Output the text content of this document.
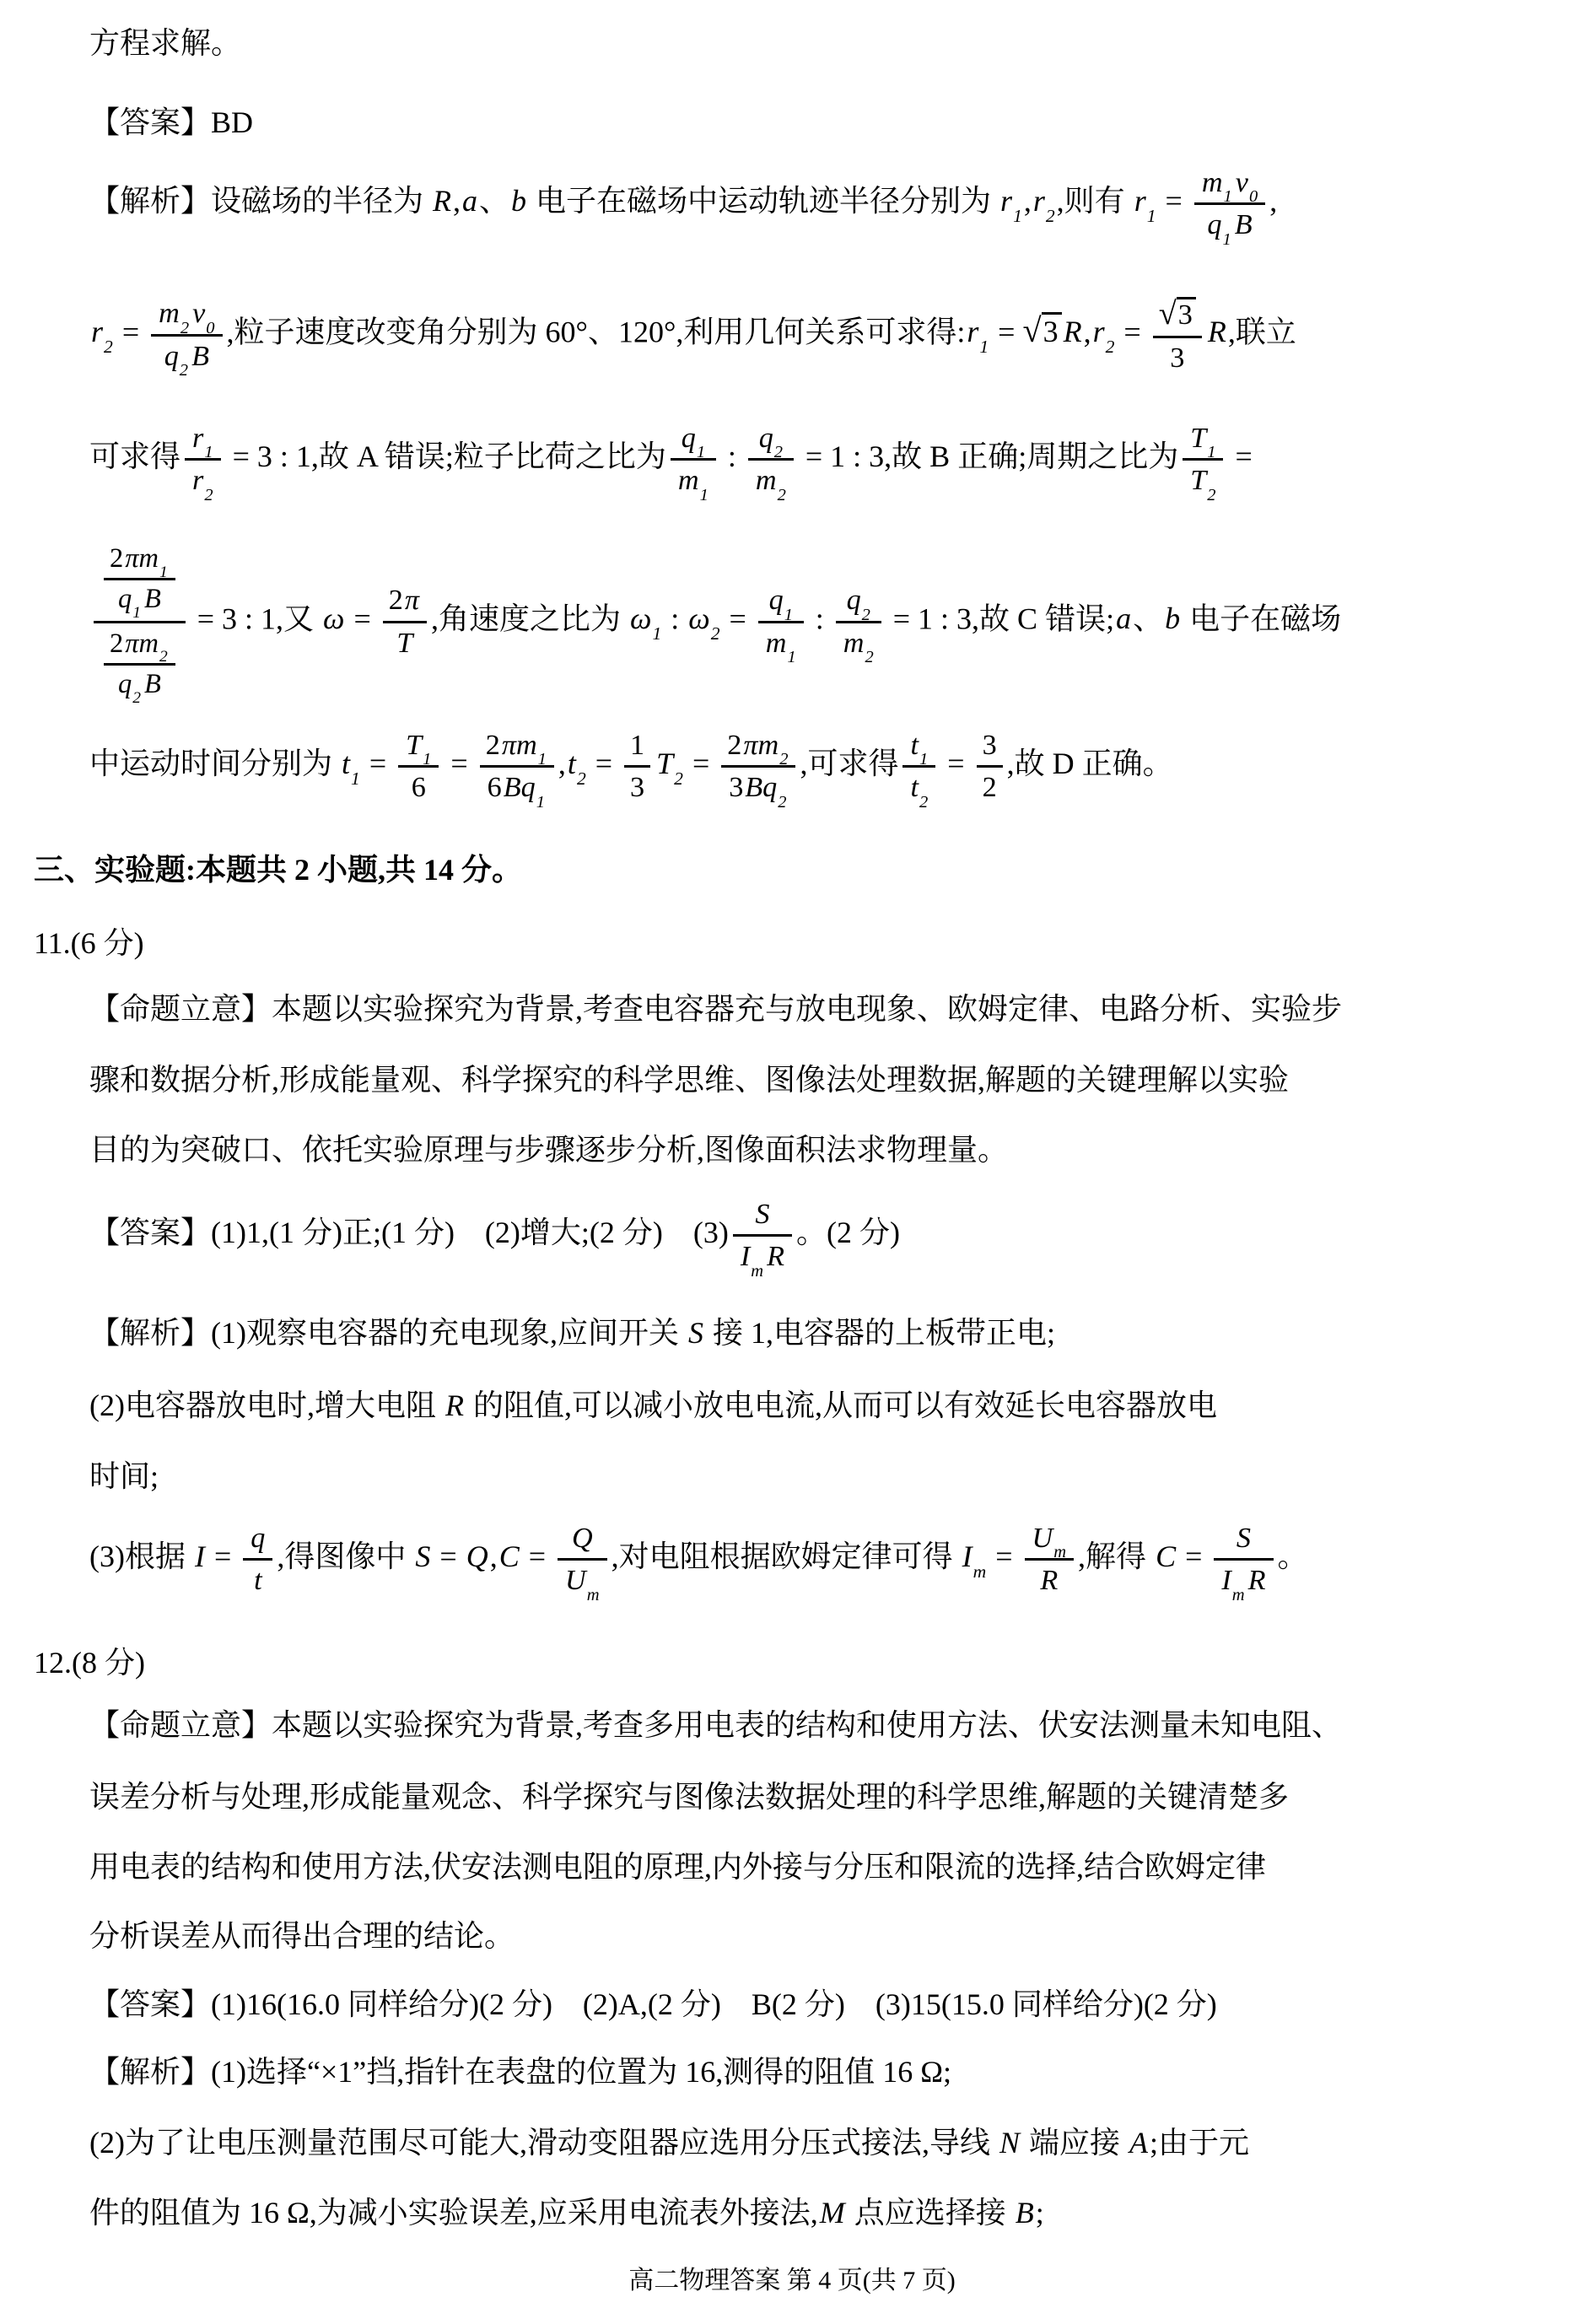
方程求解。
【答案】BD
【解析】设磁场的半径为 R,a、b 电子在磁场中运动轨迹半径分别为 $r_1,r_2$,则有 $r_1 = \frac{m_1 v_0}{q_1 B}$ ,
$r_2 = \frac{m_2 v_0}{q_2 B}$ ,粒子速度改变角分别为 60°、120°,利用几何关系可求得$:r_1 = √3$ $R,r_2 = \frac{√3}{3} R$,联立
可求得 $\frac{r_1}{r_2} = 3$ : 1,故 A 错误;粒子比荷之比为 $\frac{q_1}{m_1}$ : $\frac{q_2}{m_2} = 1$ : 3,故 B 正确;周期之比为 $\frac{T_1}{T_2}$ =
$\frac{\frac{2\pi m_1}{q_1 B}}{\frac{2\pi m_2}{q_2 B}} = 3$ : 1,又 $\omega = \frac{2\pi}{T}$ ,角速度之比为 $\omega_1$ : $\omega_2 = \frac{q_1}{m_1}$ : $\frac{q_2}{m_2} = 1$ : 3,故 C 错误;a、b 电子在磁场
中运动时间分别为 $t_1 = \frac{T_1}{6} = \frac{2\pi m_1}{6Bq_1} ,t_2 = \frac{1}{3} T_2 = \frac{2\pi m_2}{3Bq_2}$ ,可求得 $\frac{t_1}{t_2} = \frac{3}{2}$ ,故 D 正确。
三、实验题:本题共 2 小题,共 14 分。
11.(6 分)
【命题立意】本题以实验探究为背景,考查电容器充与放电现象、欧姆定律、电路分析、实验步
骤和数据分析,形成能量观、科学探究的科学思维、图像法处理数据,解题的关键理解以实验
目的为突破口、依托实验原理与步骤逐步分析,图像面积法求物理量。
【答案】(1)1,(1 分)正;(1 分)　(2)增大;(2 分)　$(3) \frac{S}{I_m R}$ 。(2 分)
【解析】(1)观察电容器的充电现象,应间开关 S 接 1,电容器的上板带正电;
(2)电容器放电时,增大电阻 R 的阻值,可以减小放电电流,从而可以有效延长电容器放电
时间;
(3)根据 $I = \frac{q}{t}$ ,得图像中 $S = Q,C = \frac{Q}{U_m}$ ,对电阻根据欧姆定律可得 $I_m = \frac{U_m}{R}$ ,解得 $C = \frac{S}{I_m R}$ 。
12.(8 分)
【命题立意】本题以实验探究为背景,考查多用电表的结构和使用方法、伏安法测量未知电阻、
误差分析与处理,形成能量观念、科学探究与图像法数据处理的科学思维,解题的关键清楚多
用电表的结构和使用方法,伏安法测电阻的原理,内外接与分压和限流的选择,结合欧姆定律
分析误差从而得出合理的结论。
【答案】(1)16(16.0 同样给分)(2 分)　(2)A,(2 分)　B(2 分)　(3)15(15.0 同样给分)(2 分)
【解析】(1)选择“×1”挡,指针在表盘的位置为 16,测得的阻值 16 Ω;
(2)为了让电压测量范围尽可能大,滑动变阻器应选用分压式接法,导线 N 端应接 A;由于元
件的阻值为 16 Ω,为减小实验误差,应采用电流表外接法,M 点应选择接 B;
高二物理答案 第 4 页(共 7 页)
